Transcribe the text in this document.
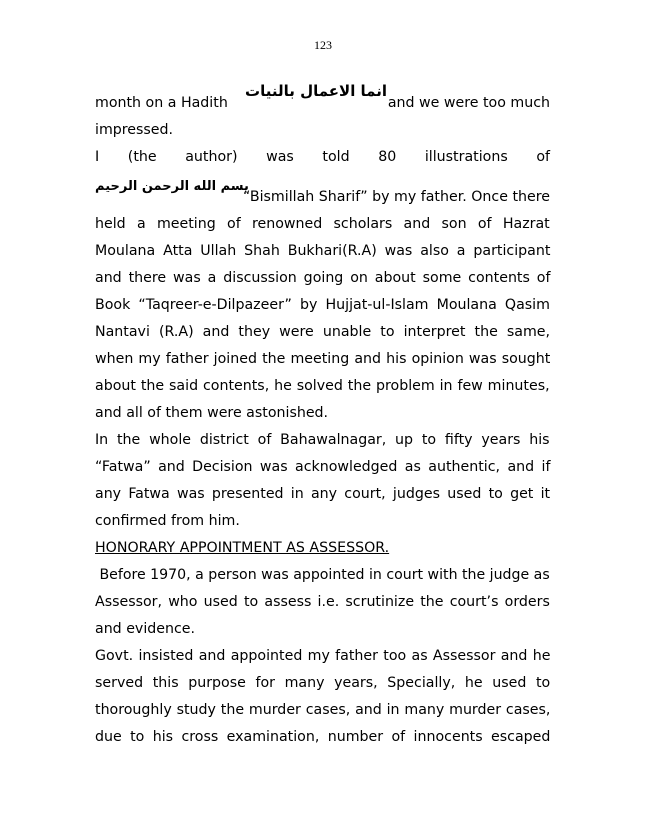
123
month on a Hadith
انما الاعمال بالنيات
and we were too much
impressed.
I (the author) was told 80 illustrations of
بسم الله الرحمن الرحيم
“Bismillah Sharif” by my father. Once there
held a meeting of renowned scholars and son of Hazrat
Moulana Atta Ullah Shah Bukhari(R.A) was also a participant
and there was a discussion going on about some contents of
Book “Taqreer-e-Dilpazeer” by Hujjat-ul-Islam Moulana Qasim
Nantavi (R.A) and they were unable to interpret the same,
when my father joined the meeting and his opinion was sought
about the said contents, he solved the problem in few minutes,
and all of them were astonished.
In the whole district of Bahawalnagar, up to fifty years his
“Fatwa” and Decision was acknowledged as authentic, and if
any Fatwa was presented in any court, judges used to get it
confirmed from him.
HONORARY APPOINTMENT AS ASSESSOR.
Before 1970, a person was appointed in court with the judge as
Assessor, who used to assess i.e. scrutinize the court’s orders
and evidence.
Govt. insisted and appointed my father too as Assessor and he
served this purpose for many years, Specially, he used to
thoroughly study the murder cases, and in many murder cases,
due to his cross examination, number of innocents escaped
